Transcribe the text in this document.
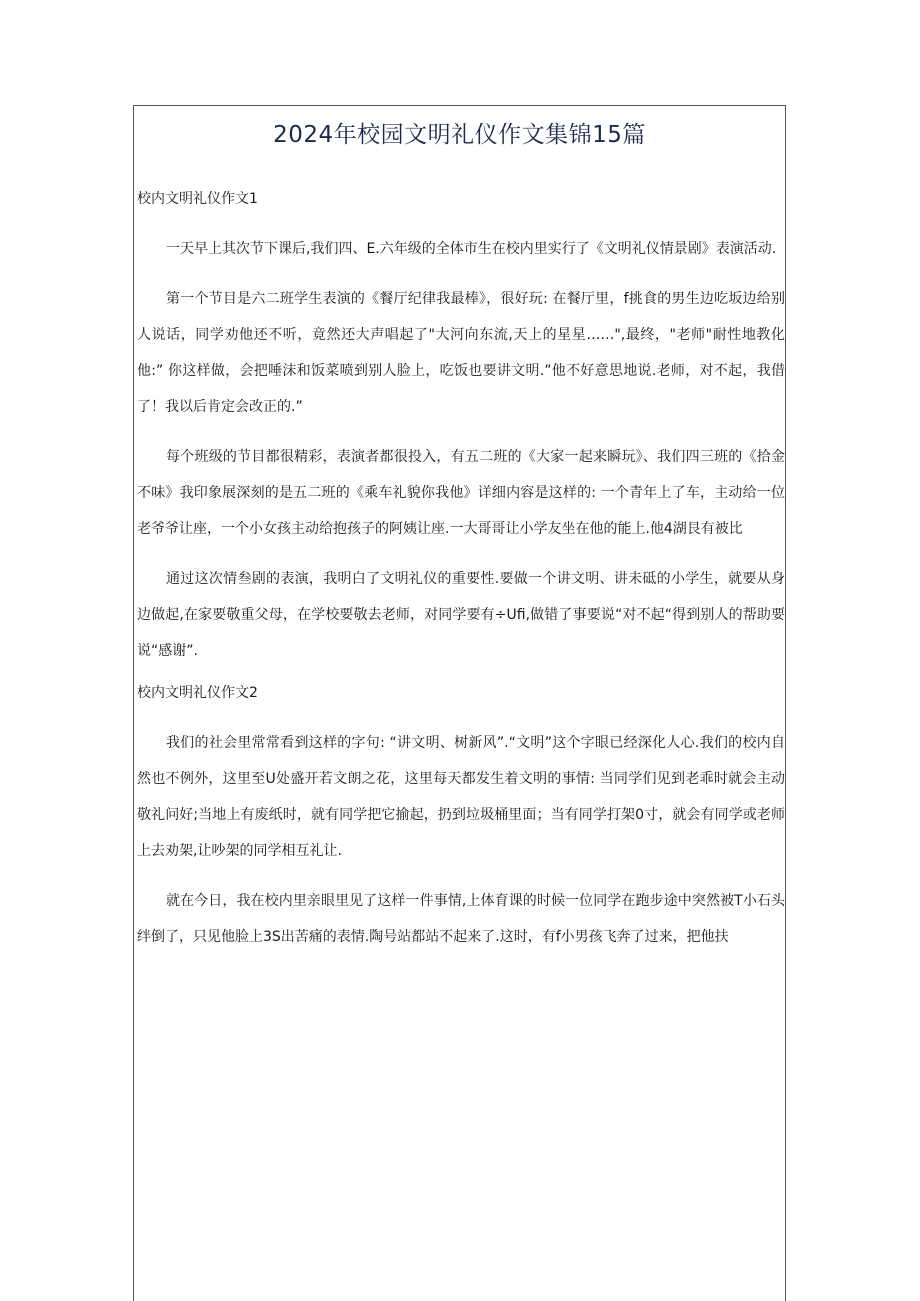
2024年校园文明礼仪作文集锦15篇
校内文明礼仪作文1
一天早上其次节下课后,我们四、E.六年级的全体市生在校内里实行了《文明礼仪情景剧》表演活动.
第一个节目是六二班学生表演的《餐厅纪律我最棒》，很好玩: 在餐厅里，f挑食的男生边吃坂边给别人说话，同学劝他还不听，竟然还大声唱起了"大河向东流,天上的星星……",最终，"老师"耐性地教化他:” 你这样做，会把唾沫和饭菜喷到别人脸上，吃饭也要讲文明.”他不好意思地说.老师，对不起，我借了！我以后肯定会改正的.”
每个班级的节目都很精彩，表演者都很投入，有五二班的《大家一起来瞬玩》、我们四三班的《拾金不味》我印象展深刻的是五二班的《乘车礼貌你我他》详细内容是这样的: 一个青年上了车，主动给一位老爷爷让座，一个小女孩主动给抱孩子的阿姨让座.一大哥哥让小学友坐在他的能上.他4湖艮有被比
通过这次情叁剧的表演，我明白了文明礼仪的重要性.要做一个讲文明、讲未砥的小学生，就要从身边做起,在家要敬重父母，在学校要敬去老师，对同学要有÷Ufi,做错了事要说“对不起“得到别人的帮助要说“感谢”.
校内文明礼仪作文2
我们的社会里常常看到这样的字句: “讲文明、树新风”.“文明”这个字眼已经深化人心.我们的校内自然也不例外，这里至U处盛开若文朗之花，这里每天都发生着文明的事情: 当同学们见到老乖时就会主动敬礼问好;当地上有废纸时，就有同学把它揄起，扔到垃圾桶里面；当有同学打架0寸，就会有同学或老师上去劝架,让吵架的同学相互礼让.
就在今日，我在校内里亲眼里见了这样一件事情,上体育课的时候一位同学在跑步途中突然被T小石头绊倒了，只见他脸上3S出苦痛的表情.陶号站都站不起来了.这时，有f小男孩飞奔了过来，把他扶
